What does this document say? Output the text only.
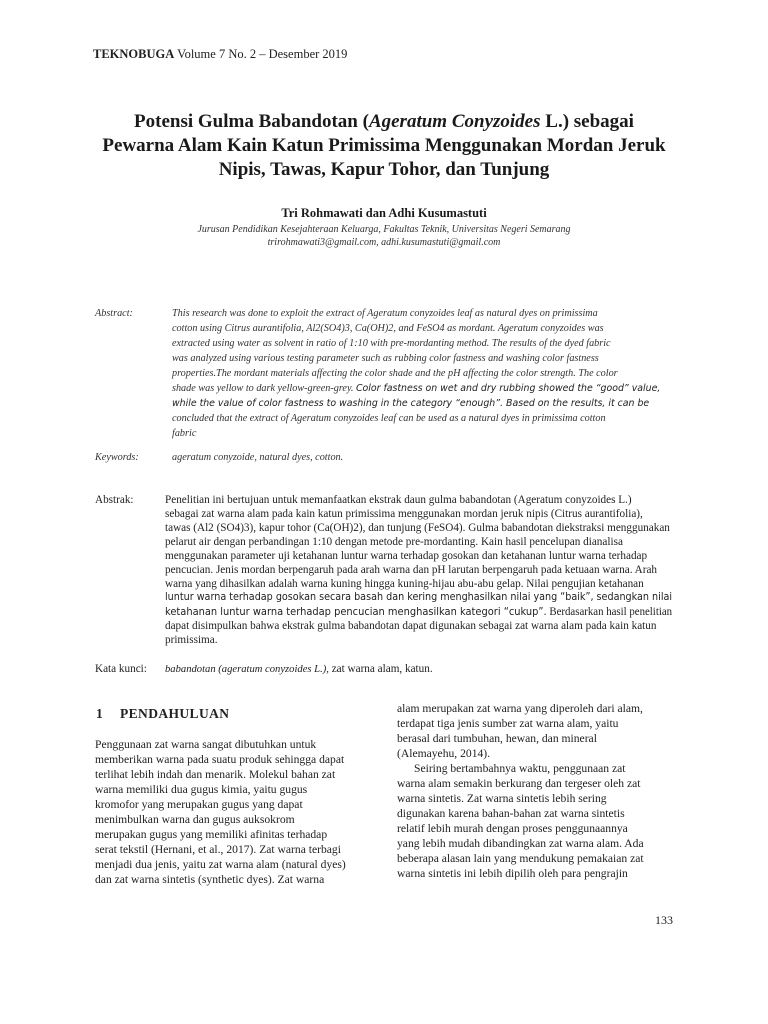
TEKNOBUGA Volume 7 No. 2 – Desember 2019
Potensi Gulma Babandotan (Ageratum Conyzoides L.) sebagai
Pewarna Alam Kain Katun Primissima Menggunakan Mordan Jeruk
Nipis, Tawas, Kapur Tohor, dan Tunjung
Tri Rohmawati dan Adhi Kusumastuti
Jurusan Pendidikan Kesejahteraan Keluarga, Fakultas Teknik, Universitas Negeri Semarang
trirohmawati3@gmail.com, adhi.kusumastuti@gmail.com
Abstract:	This research was done to exploit the extract of Ageratum conyzoides leaf as natural dyes on primissima
cotton using Citrus aurantifolia, Al2(SO4)3, Ca(OH)2, and FeSO4 as mordant. Ageratum conyzoides was
extracted using water as solvent in ratio of 1:10 with pre-mordanting method. The results of the dyed fabric
was analyzed using various testing parameter such as rubbing color fastness and washing color fastness
properties.The mordant materials affecting the color shade and the pH affecting the color strength. The color
shade was yellow to dark yellow-green-grey. Color fastness on wet and dry rubbing showed the “good” value,
while the value of color fastness to washing in the category “enough”. Based on the results, it can be
concluded that the extract of Ageratum conyzoides leaf can be used as a natural dyes in primissima cotton
fabric
Keywords:	ageratum conyzoide, natural dyes, cotton.
Abstrak:	Penelitian ini bertujuan untuk memanfaatkan ekstrak daun gulma babandotan (Ageratum conyzoides L.)
sebagai zat warna alam pada kain katun primissima menggunakan mordan jeruk nipis (Citrus aurantifolia),
tawas (Al2 (SO4)3), kapur tohor (Ca(OH)2), dan tunjung (FeSO4). Gulma babandotan diekstraksi menggunakan
pelarut air dengan perbandingan 1:10 dengan metode pre-mordanting. Kain hasil pencelupan dianalisa
menggunakan parameter uji ketahanan luntur warna terhadap gosokan dan ketahanan luntur warna terhadap
pencucian. Jenis mordan berpengaruh pada arah warna dan pH larutan berpengaruh pada ketuaan warna. Arah
warna yang dihasilkan adalah warna kuning hingga kuning-hijau abu-abu gelap. Nilai pengujian ketahanan
luntur warna terhadap gosokan secara basah dan kering menghasilkan nilai yang “baik”, sedangkan nilai
ketahanan luntur warna terhadap pencucian menghasilkan kategori “cukup”. Berdasarkan hasil penelitian
dapat disimpulkan bahwa ekstrak gulma babandotan dapat digunakan sebagai zat warna alam pada kain katun
primissima.
Kata kunci: babandotan (ageratum conyzoides L.), zat warna alam, katun.
1 PENDAHULUAN
Penggunaan zat warna sangat dibutuhkan untuk
memberikan warna pada suatu produk sehingga dapat
terlihat lebih indah dan menarik. Molekul bahan zat
warna memiliki dua gugus kimia, yaitu gugus
kromofor yang merupakan gugus yang dapat
menimbulkan warna dan gugus auksokrom
merupakan gugus yang memiliki afinitas terhadap
serat tekstil (Hernani, et al., 2017). Zat warna terbagi
menjadi dua jenis, yaitu zat warna alam (natural dyes)
dan zat warna sintetis (synthetic dyes). Zat warna
alam merupakan zat warna yang diperoleh dari alam,
terdapat tiga jenis sumber zat warna alam, yaitu
berasal dari tumbuhan, hewan, dan mineral
(Alemayehu, 2014).
Seiring bertambahnya waktu, penggunaan zat
warna alam semakin berkurang dan tergeser oleh zat
warna sintetis. Zat warna sintetis lebih sering
digunakan karena bahan-bahan zat warna sintetis
relatif lebih murah dengan proses penggunaannya
yang lebih mudah dibandingkan zat warna alam. Ada
beberapa alasan lain yang mendukung pemakaian zat
warna sintetis ini lebih dipilih oleh para pengrajin
133
